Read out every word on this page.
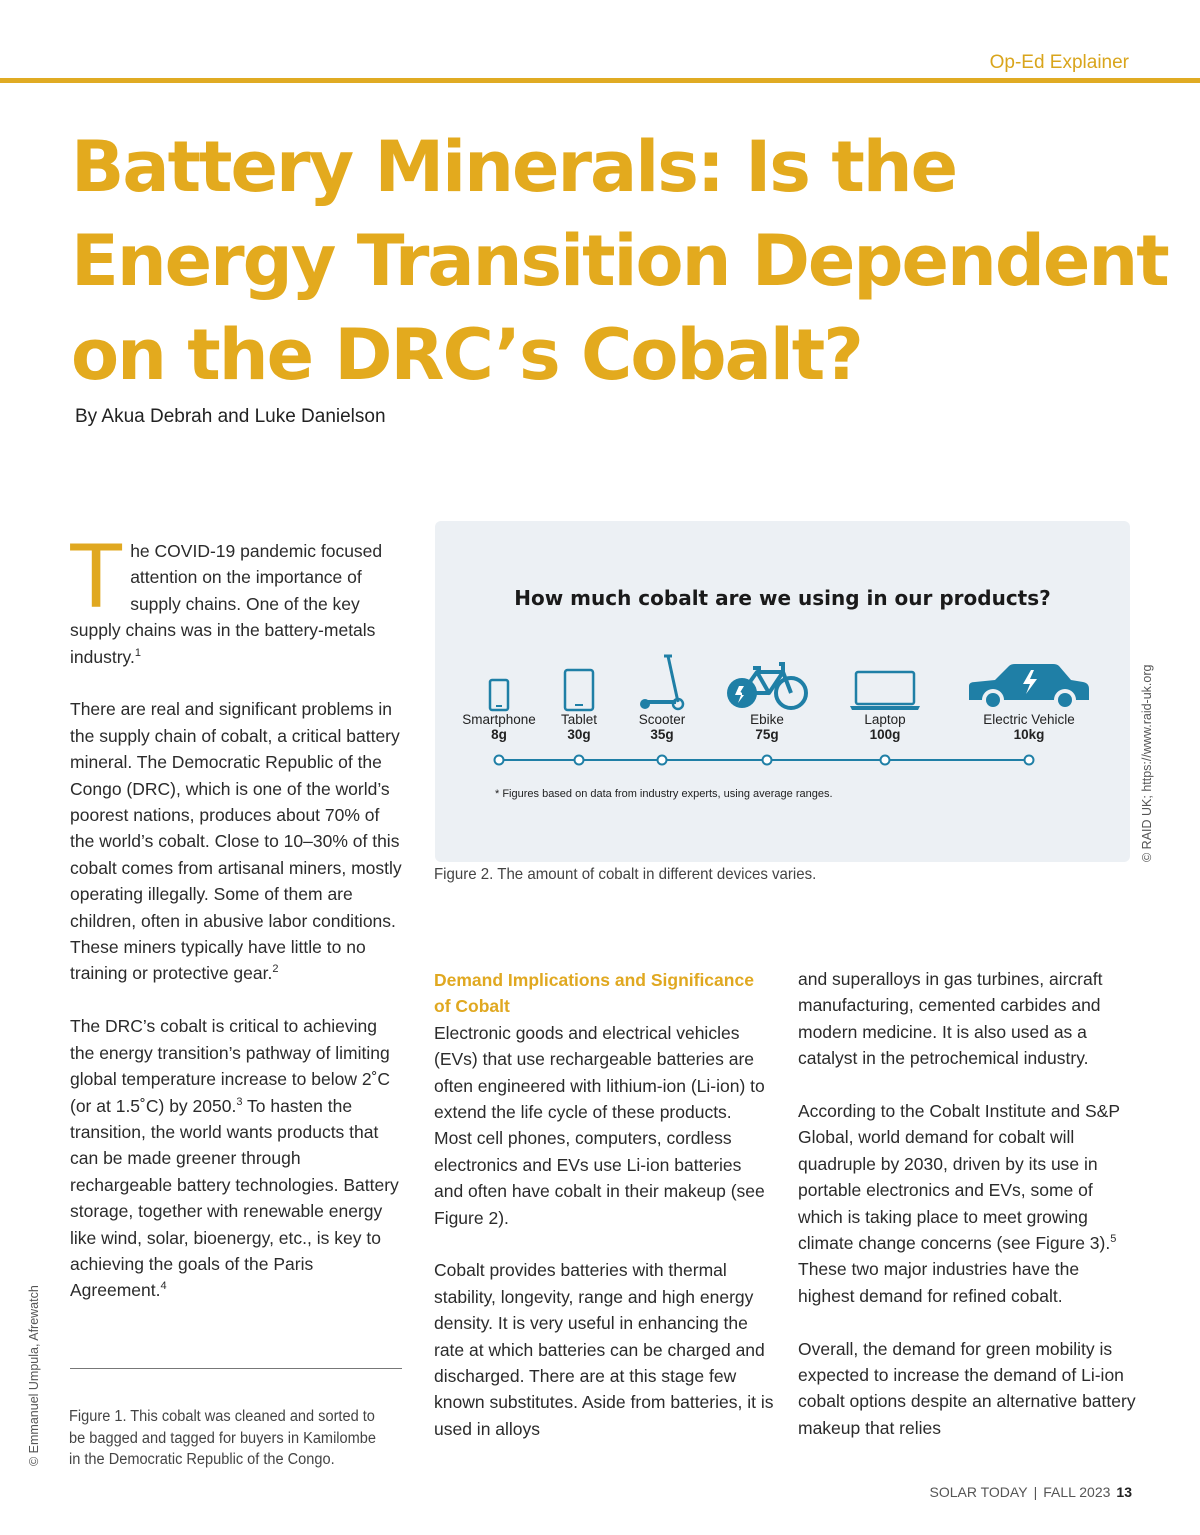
Op-Ed Explainer
Battery Minerals: Is the
Energy Transition Dependent
on the DRC’s Cobalt?
By Akua Debrah and Luke Danielson

The COVID-19 pandemic focused attention on the importance of supply chains. One of the key supply chains was in the battery-metals industry.$^1$

There are real and significant problems in the supply chain of cobalt, a critical battery mineral. The Democratic Republic of the Congo (DRC), which is one of the world’s poorest nations, produces about 70% of the world’s cobalt. Close to 10–30% of this cobalt comes from artisanal miners, mostly operating illegally. Some of them are children, often in abusive labor conditions. These miners typically have little to no training or protective gear.$^2$

The DRC’s cobalt is critical to achieving the energy transition’s pathway of limiting global temperature increase to below 2˚C (or at 1.5˚C) by 2050.$^3$ To hasten the transition, the world wants products that can be made greener through rechargeable battery technologies. Battery storage, together with renewable energy like wind, solar, bioenergy, etc., is key to achieving the goals of the Paris Agreement.$^4$

Figure 1. This cobalt was cleaned and sorted to be bagged and tagged for buyers in Kamilombe in the Democratic Republic of the Congo.
© Emmanuel Umpula, Afrewatch
How much cobalt are we using in our products?
Smartphone
8g
Tablet
30g
Scooter
35g
Ebike
75g
Laptop
100g
Electric Vehicle
10kg
* Figures based on data from industry experts, using average ranges.
Figure 2. The amount of cobalt in different devices varies.
© RAID UK; https://www.raid-uk.org

Demand Implications and Significance of Cobalt
Electronic goods and electrical vehicles (EVs) that use rechargeable batteries are often engineered with lithium-ion (Li-ion) to extend the life cycle of these products. Most cell phones, computers, cordless electronics and EVs use Li-ion batteries and often have cobalt in their makeup (see Figure 2).

Cobalt provides batteries with thermal stability, longevity, range and high energy density. It is very useful in enhancing the rate at which batteries can be charged and discharged. There are at this stage few known substitutes. Aside from batteries, it is used in alloys

and superalloys in gas turbines, aircraft manufacturing, cemented carbides and modern medicine. It is also used as a catalyst in the petrochemical industry.

According to the Cobalt Institute and S&P Global, world demand for cobalt will quadruple by 2030, driven by its use in portable electronics and EVs, some of which is taking place to meet growing climate change concerns (see Figure 3).$^5$ These two major industries have the highest demand for refined cobalt.

Overall, the demand for green mobility is expected to increase the demand of Li-ion cobalt options despite an alternative battery makeup that relies

SOLAR TODAY | FALL 2023 13
